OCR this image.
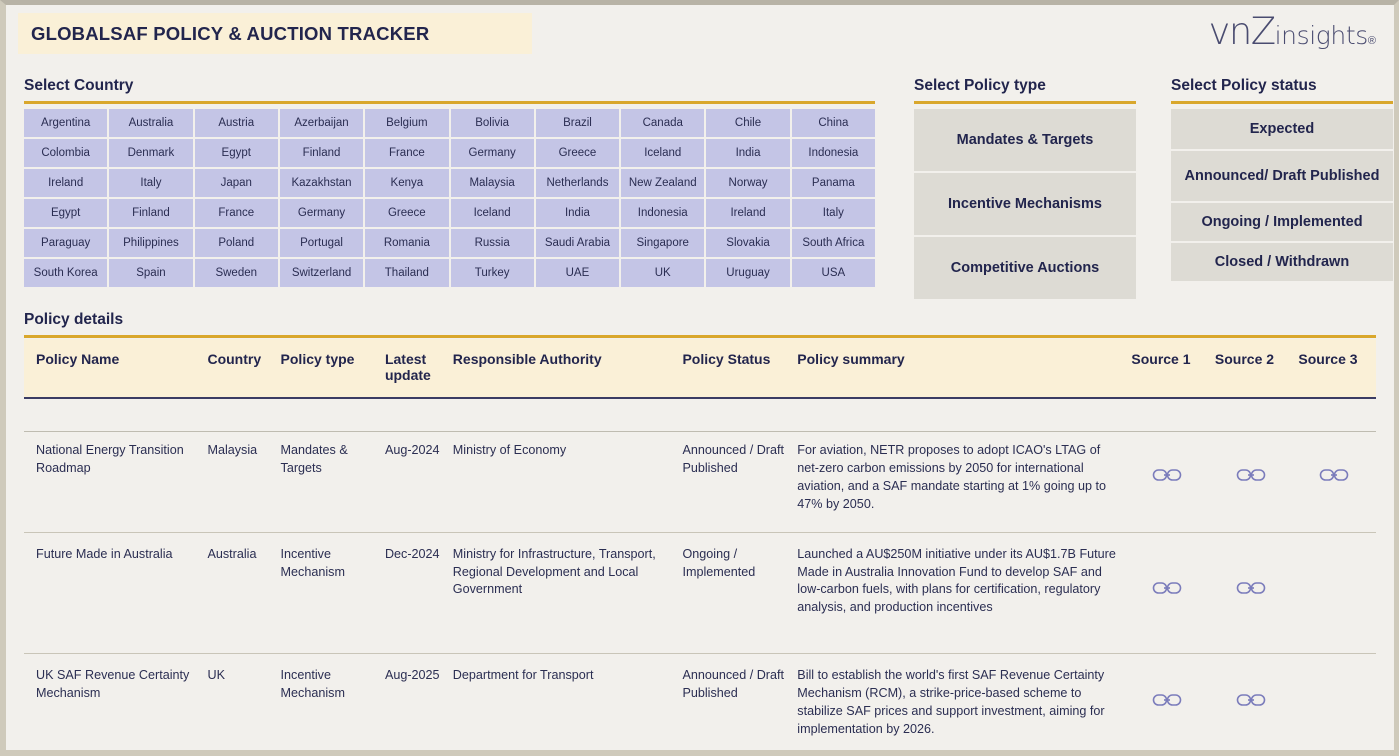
GLOBALSAF POLICY & AUCTION TRACKER	vnZ insights ®
Select Country
Argentina	Australia	Austria	Azerbaijan	Belgium	Bolivia	Brazil	Canada	Chile	China
Colombia	Denmark	Egypt	Finland	France	Germany	Greece	Iceland	India	Indonesia
Ireland	Italy	Japan	Kazakhstan	Kenya	Malaysia	Netherlands	New Zealand	Norway	Panama
Egypt	Finland	France	Germany	Greece	Iceland	India	Indonesia	Ireland	Italy
Paraguay	Philippines	Poland	Portugal	Romania	Russia	Saudi Arabia	Singapore	Slovakia	South Africa
South Korea	Spain	Sweden	Switzerland	Thailand	Turkey	UAE	UK	Uruguay	USA
Select Policy type
Mandates & Targets
Incentive Mechanisms
Competitive Auctions
Select Policy status
Expected
Announced/ Draft Published
Ongoing / Implemented
Closed / Withdrawn
Policy details
Policy Name	Country	Policy type	Latest update	Responsible Authority	Policy Status	Policy summary	Source 1	Source 2	Source 3

National Energy Transition Roadmap	Malaysia	Mandates & Targets	Aug-2024	Ministry of Economy	Announced / Draft Published	For aviation, NETR proposes to adopt ICAO's LTAG of net-zero carbon emissions by 2050 for international aviation, and a SAF mandate starting at 1% going up to 47% by 2050.			

Future Made in Australia	Australia	Incentive Mechanism	Dec-2024	Ministry for Infrastructure, Transport, Regional Development and Local Government	Ongoing / Implemented	Launched a AU$250M initiative under its AU$1.7B Future Made in Australia Innovation Fund to develop SAF and low-carbon fuels, with plans for certification, regulatory analysis, and production incentives			

UK SAF Revenue Certainty Mechanism	UK	Incentive Mechanism	Aug-2025	Department for Transport	Announced / Draft Published	Bill to establish the world's first SAF Revenue Certainty Mechanism (RCM), a strike-price-based scheme to stabilize SAF prices and support investment, aiming for implementation by 2026.			
